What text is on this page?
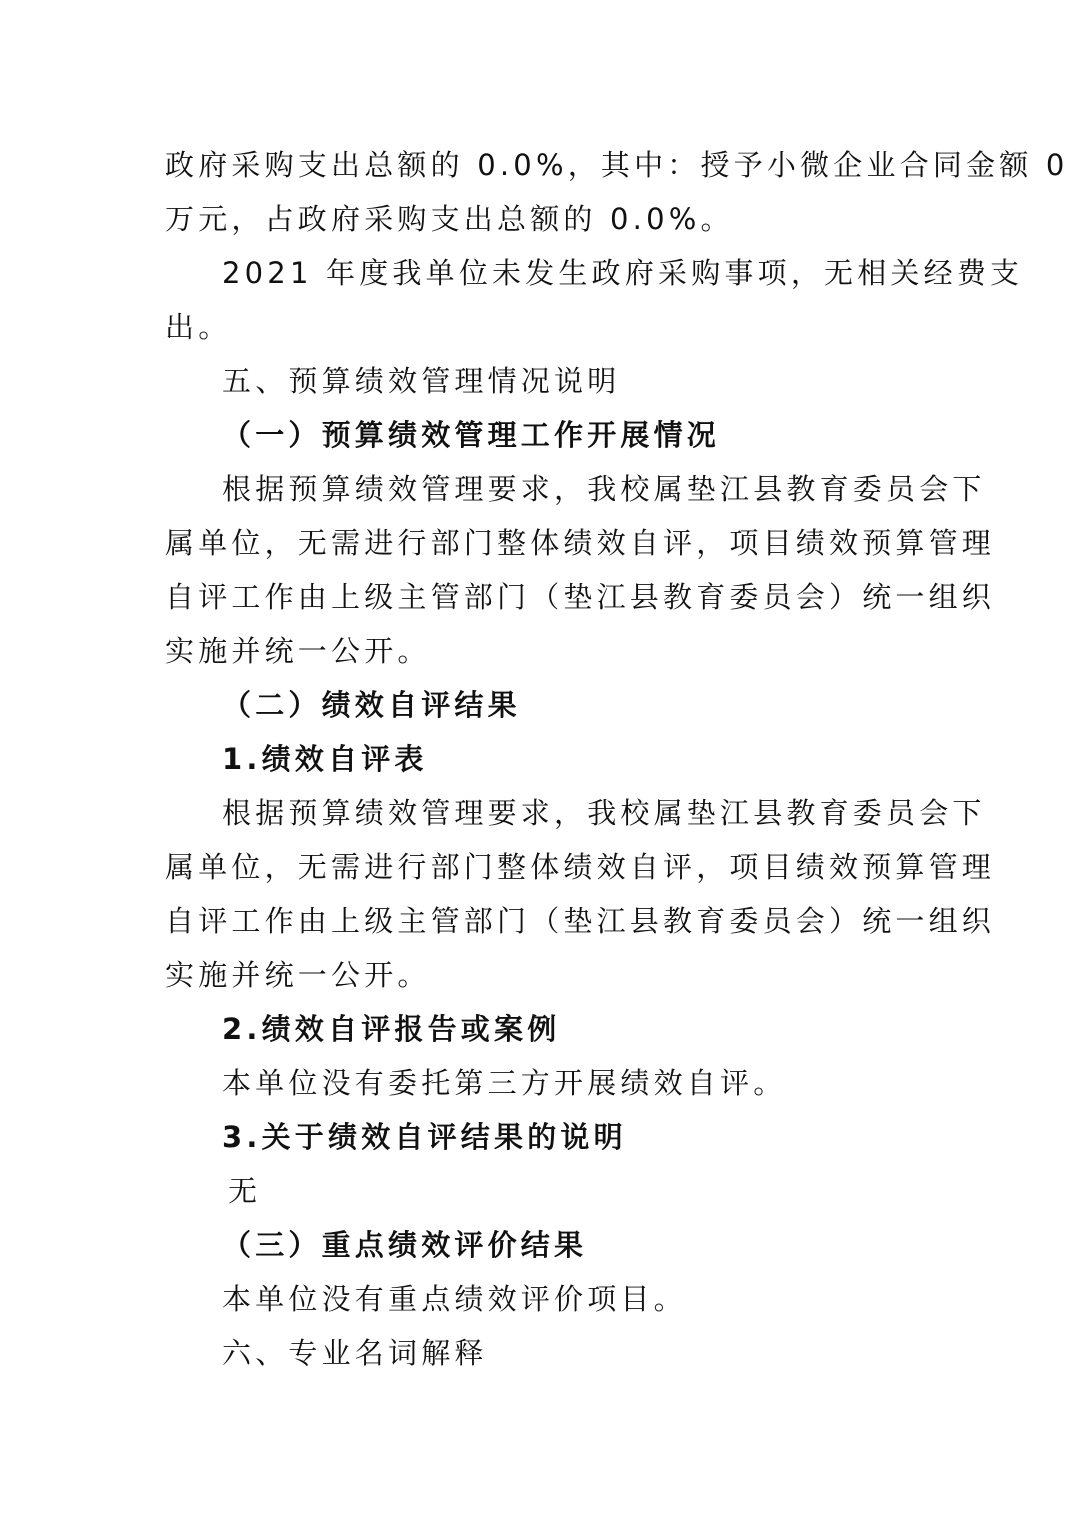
政府采购支出总额的 0.0%，其中：授予小微企业合同金额 0
万元，占政府采购支出总额的 0.0%。
2021 年度我单位未发生政府采购事项，无相关经费支
出。
五、预算绩效管理情况说明
（一）预算绩效管理工作开展情况
根据预算绩效管理要求，我校属垫江县教育委员会下
属单位，无需进行部门整体绩效自评，项目绩效预算管理
自评工作由上级主管部门（垫江县教育委员会）统一组织
实施并统一公开。
（二）绩效自评结果
1.绩效自评表
根据预算绩效管理要求，我校属垫江县教育委员会下
属单位，无需进行部门整体绩效自评，项目绩效预算管理
自评工作由上级主管部门（垫江县教育委员会）统一组织
实施并统一公开。
2.绩效自评报告或案例
本单位没有委托第三方开展绩效自评。
3.关于绩效自评结果的说明
无
（三）重点绩效评价结果
本单位没有重点绩效评价项目。
六、专业名词解释
